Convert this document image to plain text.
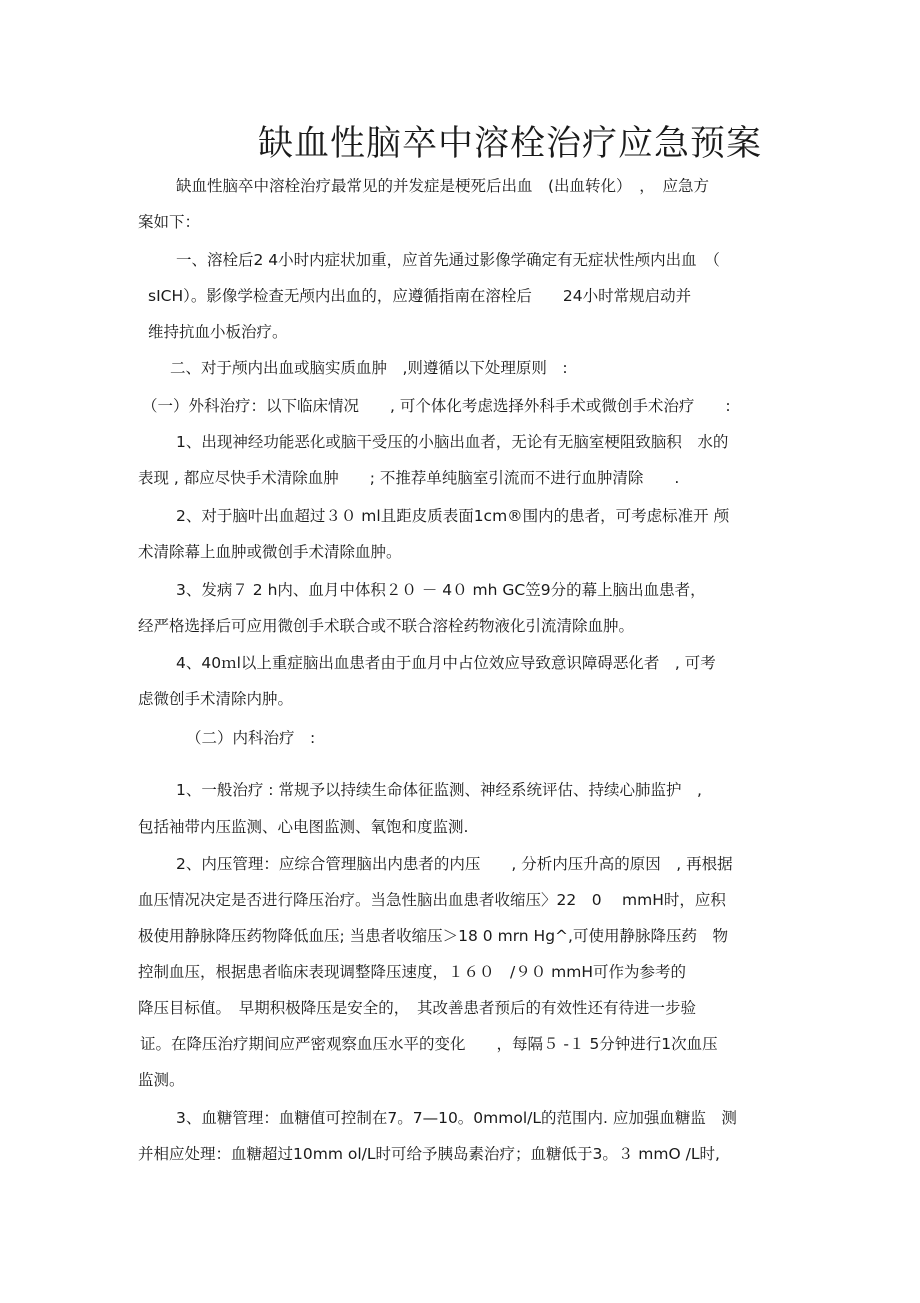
缺血性脑卒中溶栓治疗应急预案
缺血性脑卒中溶栓治疗最常见的并发症是梗死后出血　(出血转化）　，　应急方
案如下：
一、溶栓后2 4小时内症状加重，应首先通过影像学确定有无症状性颅内出血　（
sICH）。影像学检查无颅内出血的，应遵循指南在溶栓后　　24小时常规启动并
维持抗血小板治疗。
二、对于颅内出血或脑实质血肿　,则遵循以下处理原则　:
（一）外科治疗：以下临床情况　　, 可个体化考虑选择外科手术或微创手术治疗　　:
1、出现神经功能恶化或脑干受压的小脑出血者，无论有无脑室梗阻致脑积　水的
表现 , 都应尽快手术清除血肿　　; 不推荐单纯脑室引流而不进行血肿清除　　.
2、对于脑叶出血超过３０ ml且距皮质表面1cm®围内的患者，可考虑标准开 颅
术清除幕上血肿或微创手术清除血肿。
3、发病７ 2 h内、血月中体积２０ － 4０ mh GC笠9分的幕上脑出血患者，
经严格选择后可应用微创手术联合或不联合溶栓药物液化引流清除血肿。
4、40ｍl以上重症脑出血患者由于血月中占位效应导致意识障碍恶化者　, 可考
虑微创手术清除内肿。
（二）内科治疗　:
1、一般治疗 : 常规予以持续生命体征监测、神经系统评估、持续心肺监护　,
包括袖带内压监测、心电图监测、氧饱和度监测.
2、内压管理：应综合管理脑出内患者的内压　　, 分析内压升高的原因　, 再根据
血压情况决定是否进行降压治疗。当急性脑出血患者收缩压〉22　0　 mmH时，应积
极使用静脉降压药物降低血压; 当患者收缩压＞18 0 mrn Hg^,可使用静脉降压药　物
控制血压，根据患者临床表现调整降压速度，１６０　/９０ mmH可作为参考的
降压目标值。　早期积极降压是安全的，　其改善患者预后的有效性还有待进一步验
证。在降压治疗期间应严密观察血压水平的变化　　，每隔５ -１ 5分钟进行1次血压
监测。
3、血糖管理：血糖值可控制在7。7—10。0mmol/L的范围内. 应加强血糖监　测
并相应处理：血糖超过10mm ol/L时可给予胰岛素治疗；血糖低于3。３ mmO /L时,
